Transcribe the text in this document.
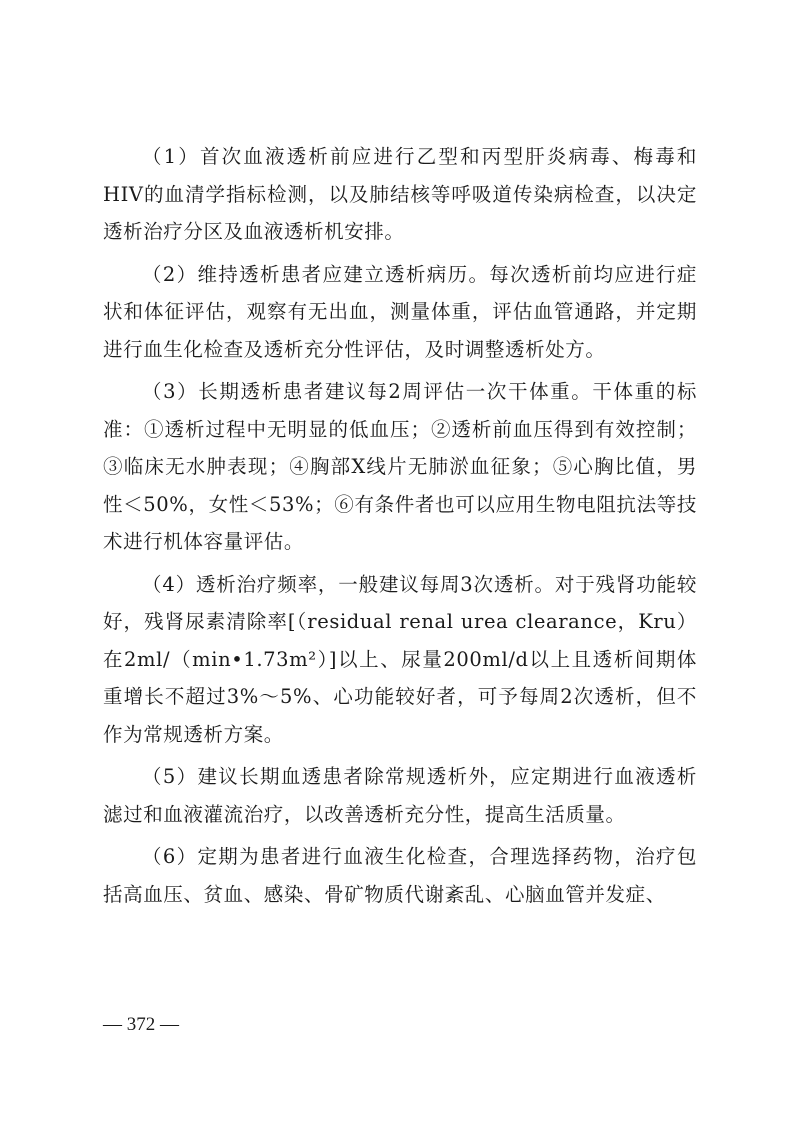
（1）首次血液透析前应进行乙型和丙型肝炎病毒、梅毒和HIV的血清学指标检测，以及肺结核等呼吸道传染病检查，以决定透析治疗分区及血液透析机安排。

（2）维持透析患者应建立透析病历。每次透析前均应进行症状和体征评估，观察有无出血，测量体重，评估血管通路，并定期进行血生化检查及透析充分性评估，及时调整透析处方。

（3）长期透析患者建议每2周评估一次干体重。干体重的标准：①透析过程中无明显的低血压；②透析前血压得到有效控制；③临床无水肿表现；④胸部X线片无肺淤血征象；⑤心胸比值，男性＜50%，女性＜53%；⑥有条件者也可以应用生物电阻抗法等技术进行机体容量评估。

（4）透析治疗频率，一般建议每周3次透析。对于残肾功能较好，残肾尿素清除率[（residual renal urea clearance，Kru）在2ml/（min•1.73m²）]以上、尿量200ml/d以上且透析间期体重增长不超过3%～5%、心功能较好者，可予每周2次透析，但不作为常规透析方案。

（5）建议长期血透患者除常规透析外，应定期进行血液透析滤过和血液灌流治疗，以改善透析充分性，提高生活质量。

（6）定期为患者进行血液生化检查，合理选择药物，治疗包括高血压、贫血、感染、骨矿物质代谢紊乱、心脑血管并发症、

— 372 —
